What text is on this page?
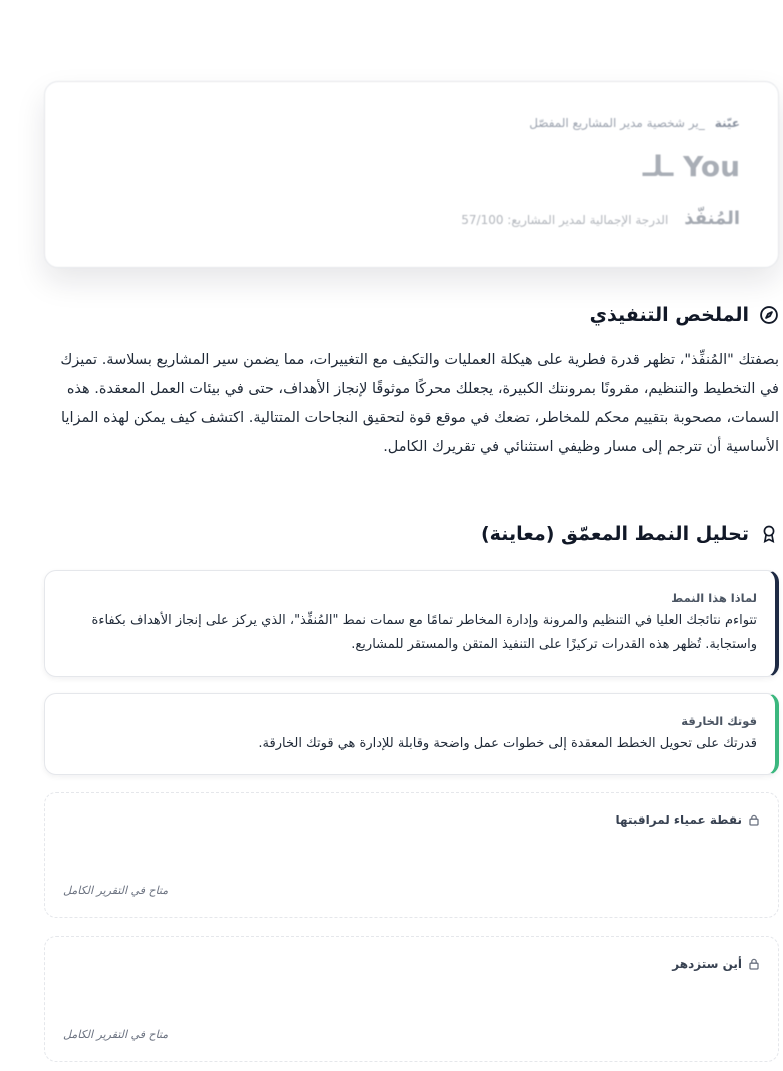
عيّنة
_ير شخصية مدير المشاريع المفصّل
You ـلـ
المُنفّذ
الدرجة الإجمالية لمدير المشاريع: 57/100
الملخص التنفيذي
بصفتك "المُنفِّذ"، تظهر قدرة فطرية على هيكلة العمليات والتكيف مع التغييرات، مما يضمن سير المشاريع بسلاسة. تميزك في التخطيط والتنظيم، مقرونًا بمرونتك الكبيرة، يجعلك محركًا موثوقًا لإنجاز الأهداف، حتى في بيئات العمل المعقدة. هذه السمات، مصحوبة بتقييم محكم للمخاطر، تضعك في موقع قوة لتحقيق النجاحات المتتالية. اكتشف كيف يمكن لهذه المزايا الأساسية أن تترجم إلى مسار وظيفي استثنائي في تقريرك الكامل.
تحليل النمط المعمّق (معاينة)
لماذا هذا النمط
تتواءم نتائجك العليا في التنظيم والمرونة وإدارة المخاطر تمامًا مع سمات نمط "المُنفِّذ"، الذي يركز على إنجاز الأهداف بكفاءة واستجابة. تُظهر هذه القدرات تركيزًا على التنفيذ المتقن والمستقر للمشاريع.
قوتك الخارقة
قدرتك على تحويل الخطط المعقدة إلى خطوات عمل واضحة وقابلة للإدارة هي قوتك الخارقة.
نقطة عمياء لمراقبتها
متاح في التقرير الكامل
أين ستزدهر
متاح في التقرير الكامل
